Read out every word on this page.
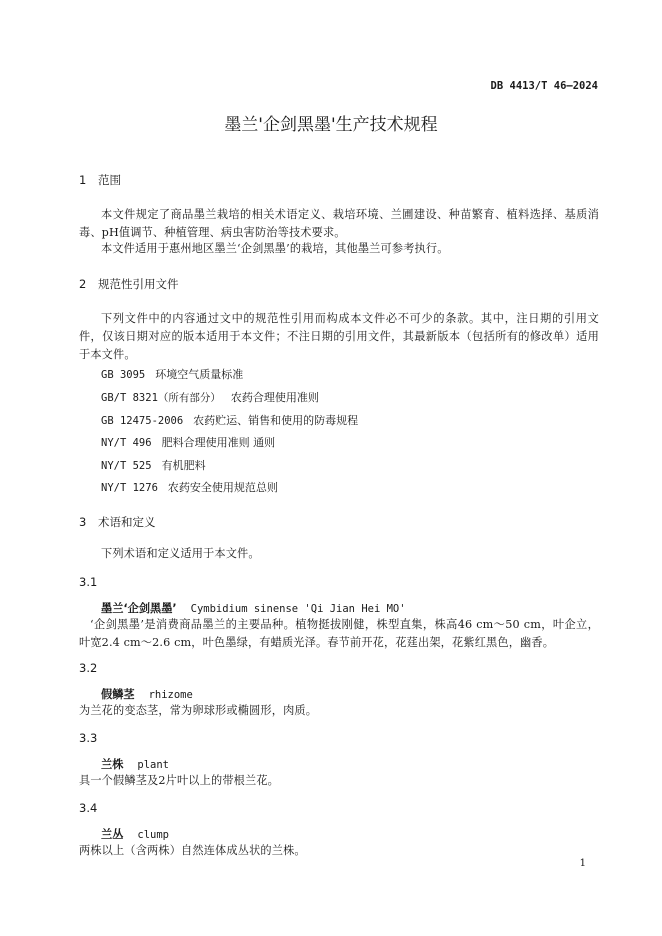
DB 4413/T 46—2024
墨兰'企剑黑墨'生产技术规程
1 范围
本文件规定了商品墨兰栽培的相关术语定义、栽培环境、兰圃建设、种苗繁育、植料选择、基质消毒、pH值调节、种植管理、病虫害防治等技术要求。
本文件适用于惠州地区墨兰‘企剑黑墨’的栽培，其他墨兰可参考执行。
2 规范性引用文件
下列文件中的内容通过文中的规范性引用而构成本文件必不可少的条款。其中，注日期的引用文件，仅该日期对应的版本适用于本文件；不注日期的引用文件，其最新版本（包括所有的修改单）适用于本文件。
GB 3095 环境空气质量标准
GB/T 8321（所有部分） 农药合理使用准则
GB 12475-2006 农药贮运、销售和使用的防毒规程
NY/T 496 肥料合理使用准则 通则
NY/T 525 有机肥料
NY/T 1276 农药安全使用规范总则
3 术语和定义
下列术语和定义适用于本文件。
3.1
墨兰‘企剑黑墨’ Cymbidium sinense 'Qi Jian Hei MO'
‘企剑黑墨’是消费商品墨兰的主要品种。植物挺拔刚健，株型直集，株高46 cm～50 cm，叶企立，叶宽2.4 cm～2.6 cm，叶色墨绿，有蜡质光泽。春节前开花，花莛出架，花紫红黑色，幽香。
3.2
假鳞茎 rhizome
为兰花的变态茎，常为卵球形或椭圆形，肉质。
3.3
兰株 plant
具一个假鳞茎及2片叶以上的带根兰花。
3.4
兰丛 clump
两株以上（含两株）自然连体成丛状的兰株。
1
